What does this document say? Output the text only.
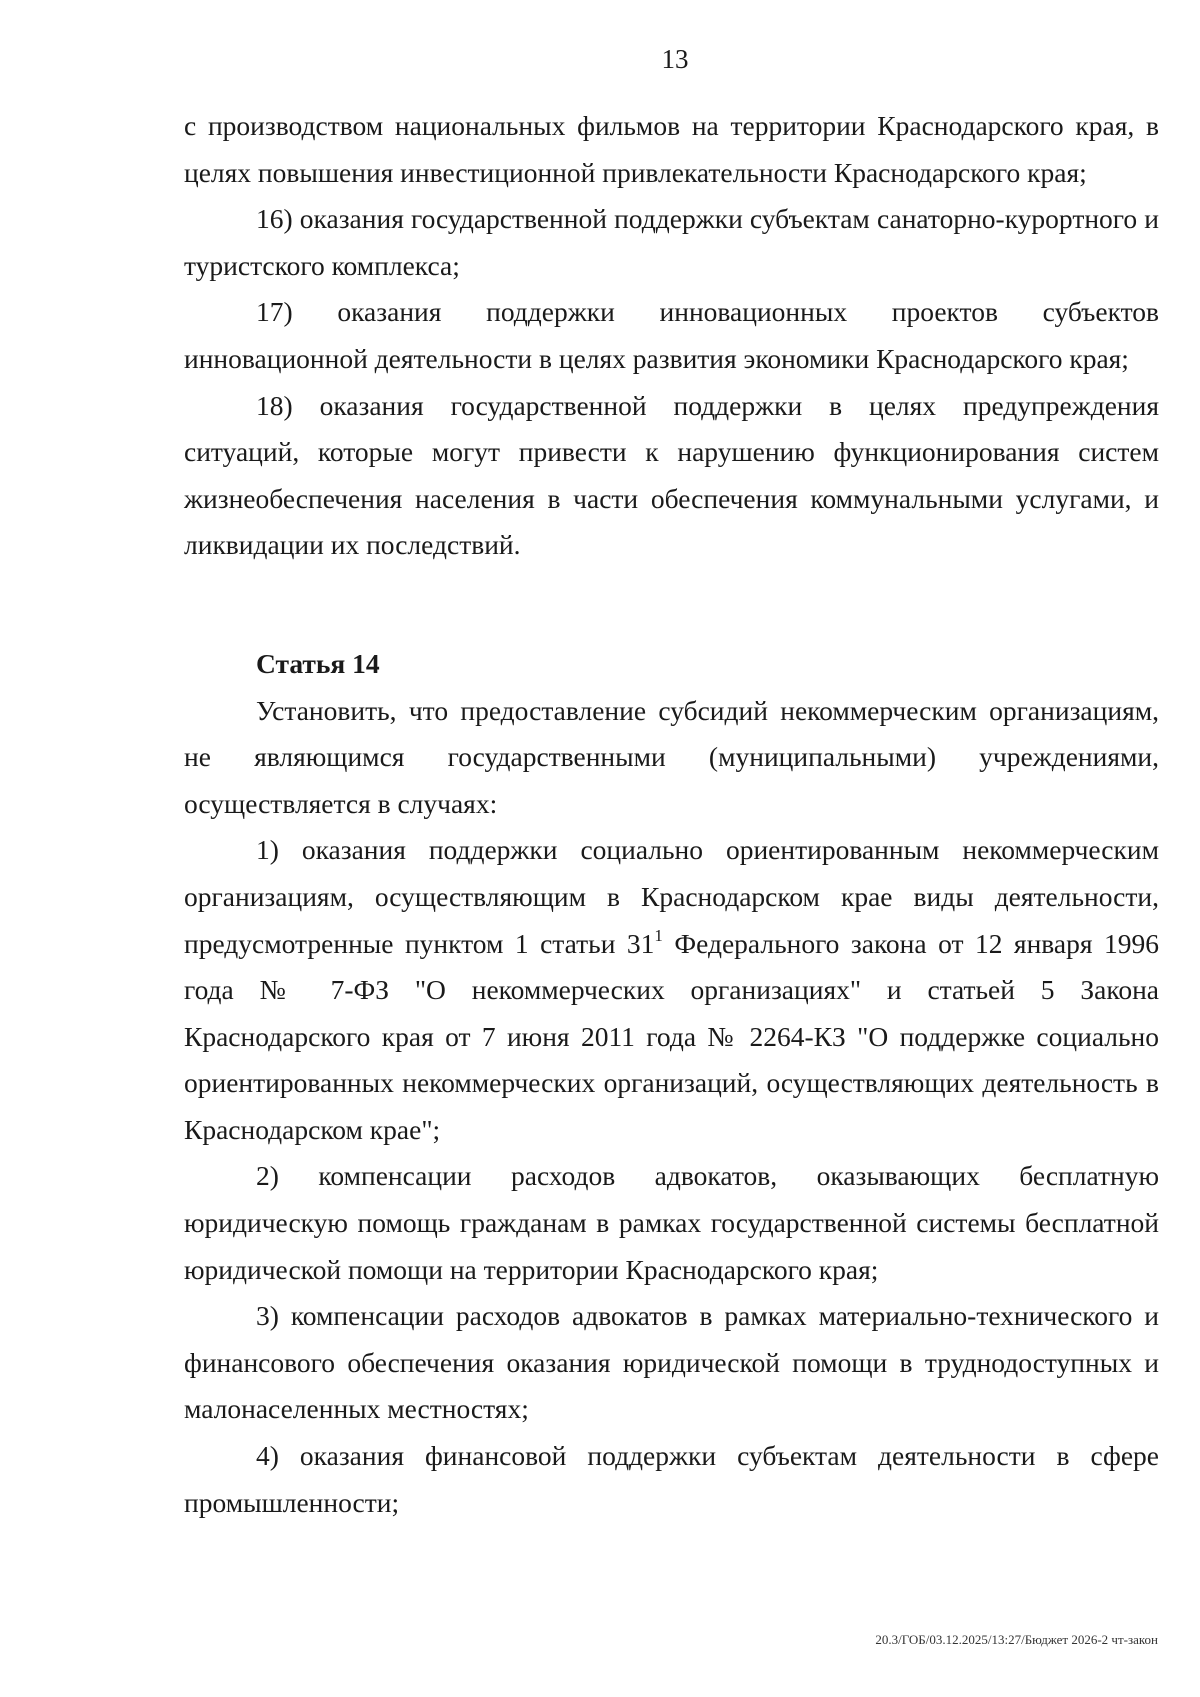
13

с производством национальных фильмов на территории Краснодарского края, в целях повышения инвестиционной привлекательности Краснодарского края;

16) оказания государственной поддержки субъектам санаторно-курортного и туристского комплекса;

17) оказания поддержки инновационных проектов субъектов инновационной деятельности в целях развития экономики Краснодарского края;

18) оказания государственной поддержки в целях предупреждения ситуаций, которые могут привести к нарушению функционирования систем жизнеобеспечения населения в части обеспечения коммунальными услугами, и ликвидации их последствий.

Статья 14

Установить, что предоставление субсидий некоммерческим организациям, не являющимся государственными (муниципальными) учреждениями, осуществляется в случаях:

1) оказания поддержки социально ориентированным некоммерческим организациям, осуществляющим в Краснодарском крае виды деятельности, предусмотренные пунктом 1 статьи $31^1$ Федерального закона от 12 января 1996 года № 7-ФЗ "О некоммерческих организациях" и статьей 5 Закона Краснодарского края от 7 июня 2011 года № 2264-КЗ "О поддержке социально ориентированных некоммерческих организаций, осуществляющих деятельность в Краснодарском крае";

2) компенсации расходов адвокатов, оказывающих бесплатную юридическую помощь гражданам в рамках государственной системы бесплатной юридической помощи на территории Краснодарского края;

3) компенсации расходов адвокатов в рамках материально-технического и финансового обеспечения оказания юридической помощи в труднодоступных и малонаселенных местностях;

4) оказания финансовой поддержки субъектам деятельности в сфере промышленности;

20.3/ГОБ/03.12.2025/13:27/Бюджет 2026-2 чт-закон
